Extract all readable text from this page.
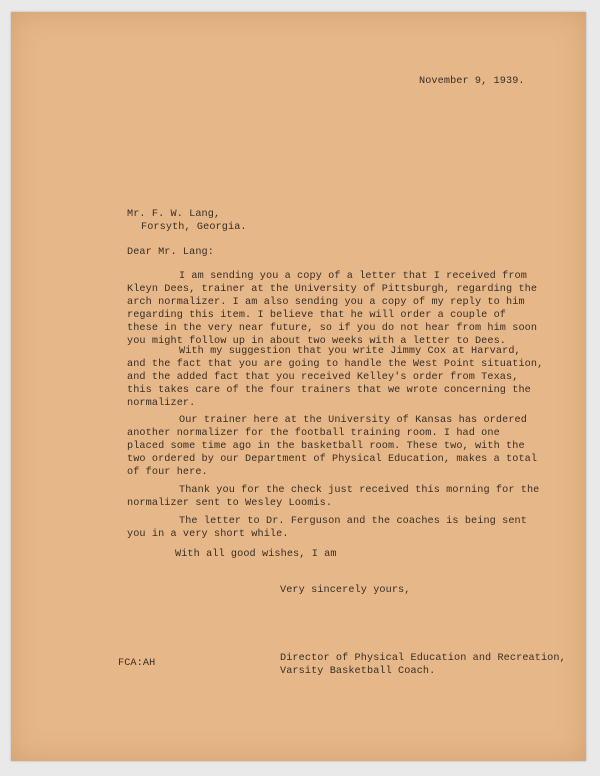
November 9, 1939.
Mr. F. W. Lang,
Forsyth, Georgia.
Dear Mr. Lang:
I am sending you a copy of a letter that I received from
Kleyn Dees, trainer at the University of Pittsburgh, regarding the
arch normalizer. I am also sending you a copy of my reply to him
regarding this item. I believe that he will order a couple of
these in the very near future, so if you do not hear from him soon
you might follow up in about two weeks with a letter to Dees.
With my suggestion that you write Jimmy Cox at Harvard,
and the fact that you are going to handle the West Point situation,
and the added fact that you received Kelley's order from Texas,
this takes care of the four trainers that we wrote concerning the
normalizer.
Our trainer here at the University of Kansas has ordered
another normalizer for the football training room. I had one
placed some time ago in the basketball room. These two, with the
two ordered by our Department of Physical Education, makes a total
of four here.
Thank you for the check just received this morning for the
normalizer sent to Wesley Loomis.
The letter to Dr. Ferguson and the coaches is being sent
you in a very short while.
With all good wishes, I am
Very sincerely yours,
FCA:AH	Director of Physical Education and Recreation,
Varsity Basketball Coach.
